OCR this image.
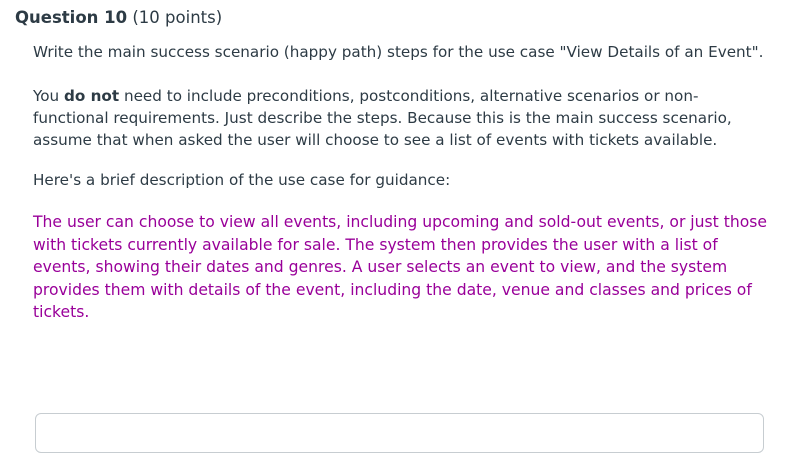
Question 10 (10 points)

Write the main success scenario (happy path) steps for the use case "View Details of an Event".

You do not need to include preconditions, postconditions, alternative scenarios or non-functional requirements. Just describe the steps. Because this is the main success scenario, assume that when asked the user will choose to see a list of events with tickets available.

Here's a brief description of the use case for guidance:

The user can choose to view all events, including upcoming and sold-out events, or just those with tickets currently available for sale. The system then provides the user with a list of events, showing their dates and genres. A user selects an event to view, and the system provides them with details of the event, including the date, venue and classes and prices of tickets.
